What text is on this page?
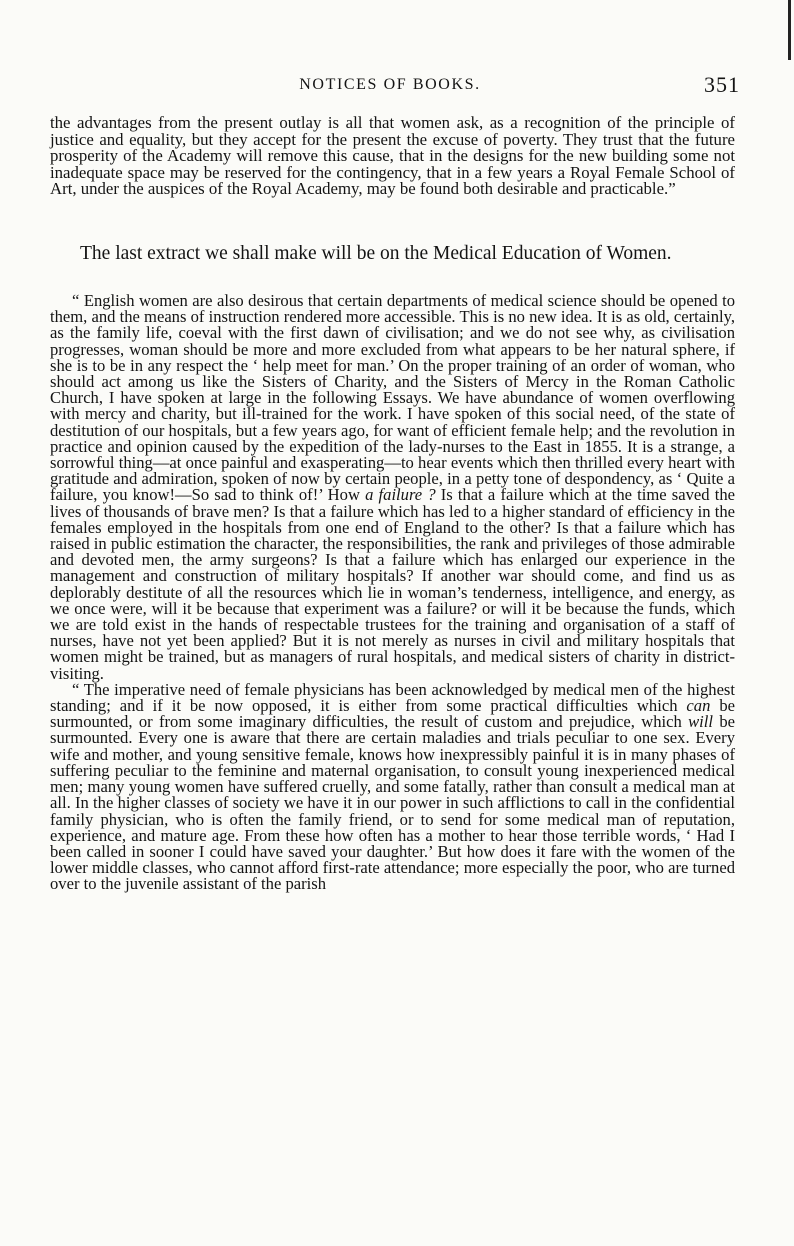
NOTICES OF BOOKS.	351

the advantages from the present outlay is all that women ask, as a recognition of the principle of justice and equality, but they accept for the present the excuse of poverty. They trust that the future prosperity of the Academy will remove this cause, that in the designs for the new building some not inadequate space may be reserved for the contingency, that in a few years a Royal Female School of Art, under the auspices of the Royal Academy, may be found both desirable and practicable.”

The last extract we shall make will be on the Medical Education of Women.

“ English women are also desirous that certain departments of medical science should be opened to them, and the means of instruction rendered more accessible. This is no new idea. It is as old, certainly, as the family life, coeval with the first dawn of civilisation; and we do not see why, as civilisation progresses, woman should be more and more excluded from what appears to be her natural sphere, if she is to be in any respect the ‘ help meet for man.’ On the proper training of an order of woman, who should act among us like the Sisters of Charity, and the Sisters of Mercy in the Roman Catholic Church, I have spoken at large in the following Essays. We have abundance of women overflowing with mercy and charity, but ill-trained for the work. I have spoken of this social need, of the state of destitution of our hospitals, but a few years ago, for want of efficient female help; and the revolution in practice and opinion caused by the expedition of the lady-nurses to the East in 1855. It is a strange, a sorrowful thing—at once painful and exasperating—to hear events which then thrilled every heart with gratitude and admiration, spoken of now by certain people, in a petty tone of despondency, as ‘ Quite a failure, you know!—So sad to think of!’ How a failure ? Is that a failure which at the time saved the lives of thousands of brave men? Is that a failure which has led to a higher standard of efficiency in the females employed in the hospitals from one end of England to the other? Is that a failure which has raised in public estimation the character, the responsibilities, the rank and privileges of those admirable and devoted men, the army surgeons? Is that a failure which has enlarged our experience in the management and construction of military hospitals? If another war should come, and find us as deplorably destitute of all the resources which lie in woman’s tenderness, intelligence, and energy, as we once were, will it be because that experiment was a failure? or will it be because the funds, which we are told exist in the hands of respectable trustees for the training and organisation of a staff of nurses, have not yet been applied? But it is not merely as nurses in civil and military hospitals that women might be trained, but as managers of rural hospitals, and medical sisters of charity in district-visiting.

“ The imperative need of female physicians has been acknowledged by medical men of the highest standing; and if it be now opposed, it is either from some practical difficulties which can be surmounted, or from some imaginary difficulties, the result of custom and prejudice, which will be surmounted. Every one is aware that there are certain maladies and trials peculiar to one sex. Every wife and mother, and young sensitive female, knows how inexpressibly painful it is in many phases of suffering peculiar to the feminine and maternal organisation, to consult young inexperienced medical men; many young women have suffered cruelly, and some fatally, rather than consult a medical man at all. In the higher classes of society we have it in our power in such afflictions to call in the confidential family physician, who is often the family friend, or to send for some medical man of reputation, experience, and mature age. From these how often has a mother to hear those terrible words, ‘ Had I been called in sooner I could have saved your daughter.’ But how does it fare with the women of the lower middle classes, who cannot afford first-rate attendance; more especially the poor, who are turned over to the juvenile assistant of the parish
